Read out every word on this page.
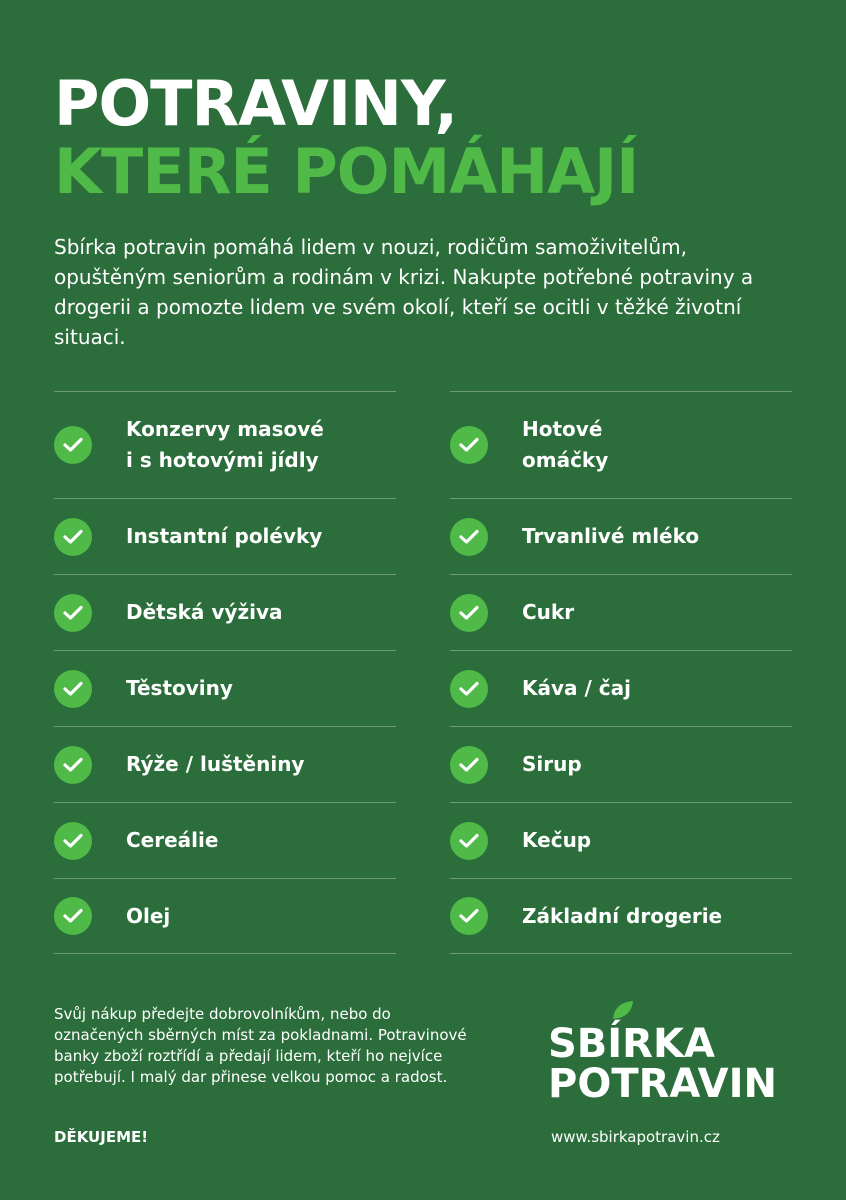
POTRAVINY,
KTERÉ POMÁHAJÍ
Sbírka potravin pomáhá lidem v nouzi, rodičům samoživitelům, opuštěným seniorům a rodinám v krizi. Nakupte potřebné potraviny a drogerii a pomozte lidem ve svém okolí, kteří se ocitli v těžké životní situaci.
Konzervy masové
i s hotovými jídly
Instantní polévky
Dětská výživa
Těstoviny
Rýže / luštěniny
Cereálie
Olej
Hotové
omáčky
Trvanlivé mléko
Cukr
Káva / čaj
Sirup
Kečup
Základní drogerie
Svůj nákup předejte dobrovolníkům, nebo do označených sběrných míst za pokladnami. Potravinové banky zboží roztřídí a předají lidem, kteří ho nejvíce potřebují. I malý dar přinese velkou pomoc a radost.
DĚKUJEME!
SBÍRKA
POTRAVIN
www.sbirkapotravin.cz
